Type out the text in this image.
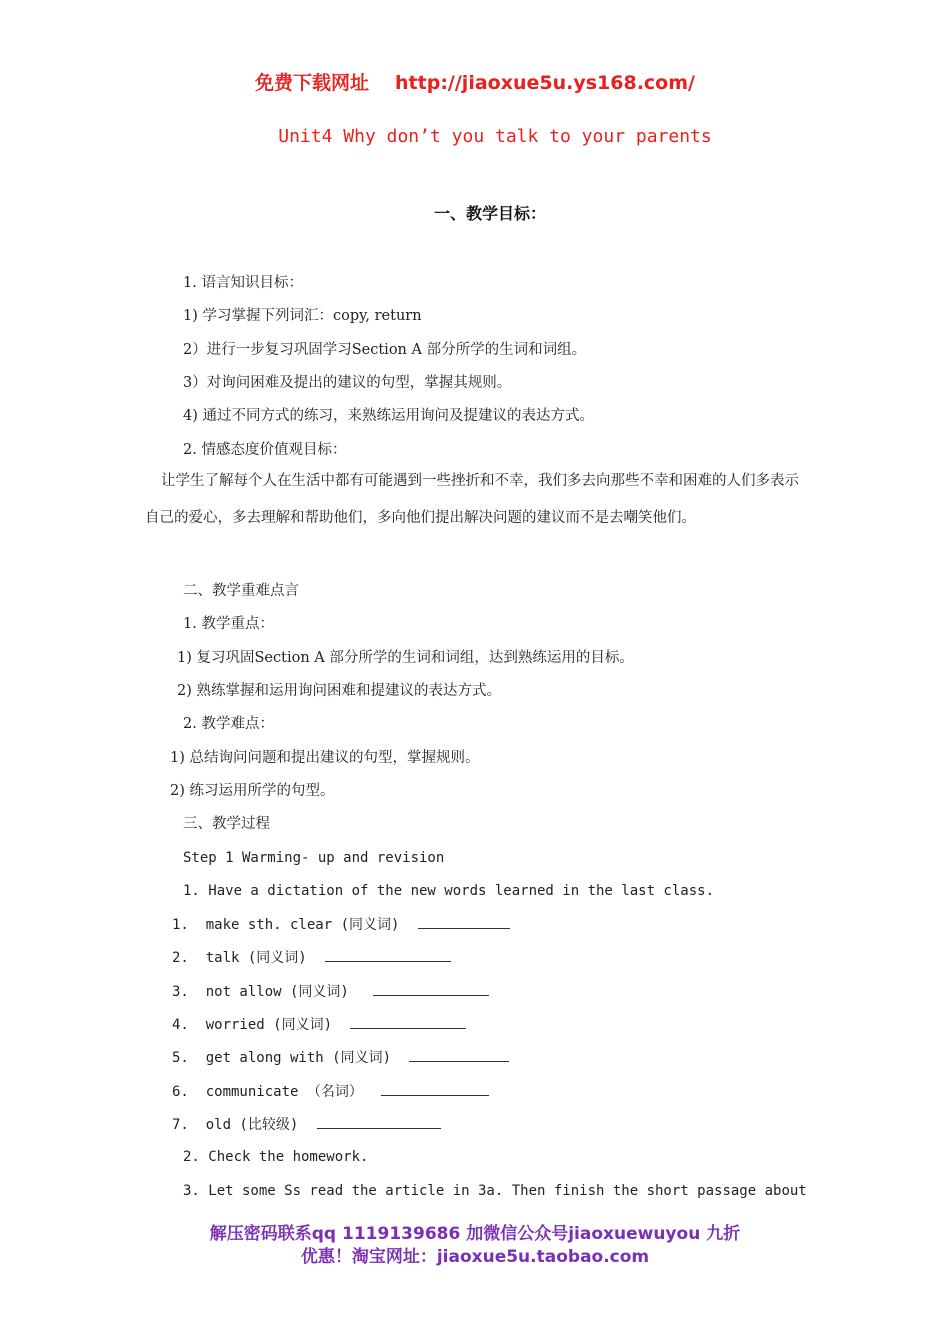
免费下载网址 http://jiaoxue5u.ys168.com/
Unit4 Why don’t you talk to your parents
一、教学目标：
1. 语言知识目标：
1) 学习掌握下列词汇：copy, return
2）进行一步复习巩固学习Section A 部分所学的生词和词组。
3）对询问困难及提出的建议的句型，掌握其规则。
4) 通过不同方式的练习，来熟练运用询问及提建议的表达方式。
2. 情感态度价值观目标：
让学生了解每个人在生活中都有可能遇到一些挫折和不幸，我们多去向那些不幸和困难的人们多表示自己的爱心，多去理解和帮助他们，多向他们提出解决问题的建议而不是去嘲笑他们。
二、教学重难点言
1. 教学重点：
1) 复习巩固Section A 部分所学的生词和词组，达到熟练运用的目标。
2) 熟练掌握和运用询问困难和提建议的表达方式。
2. 教学难点：
1) 总结询问问题和提出建议的句型，掌握规则。
2) 练习运用所学的句型。
三、教学过程
Step 1 Warming- up and revision
1. Have a dictation of the new words learned in the last class.
1. make sth. clear (同义词)
2. talk (同义词)
3. not allow (同义词)
4. worried (同义词)
5. get along with (同义词)
6. communicate （名词）
7. old (比较级)
2. Check the homework.
3. Let some Ss read the article in 3a. Then finish the short passage about
解压密码联系qq 1119139686 加微信公众号jiaoxuewuyou 九折
优惠！淘宝网址：jiaoxue5u.taobao.com
